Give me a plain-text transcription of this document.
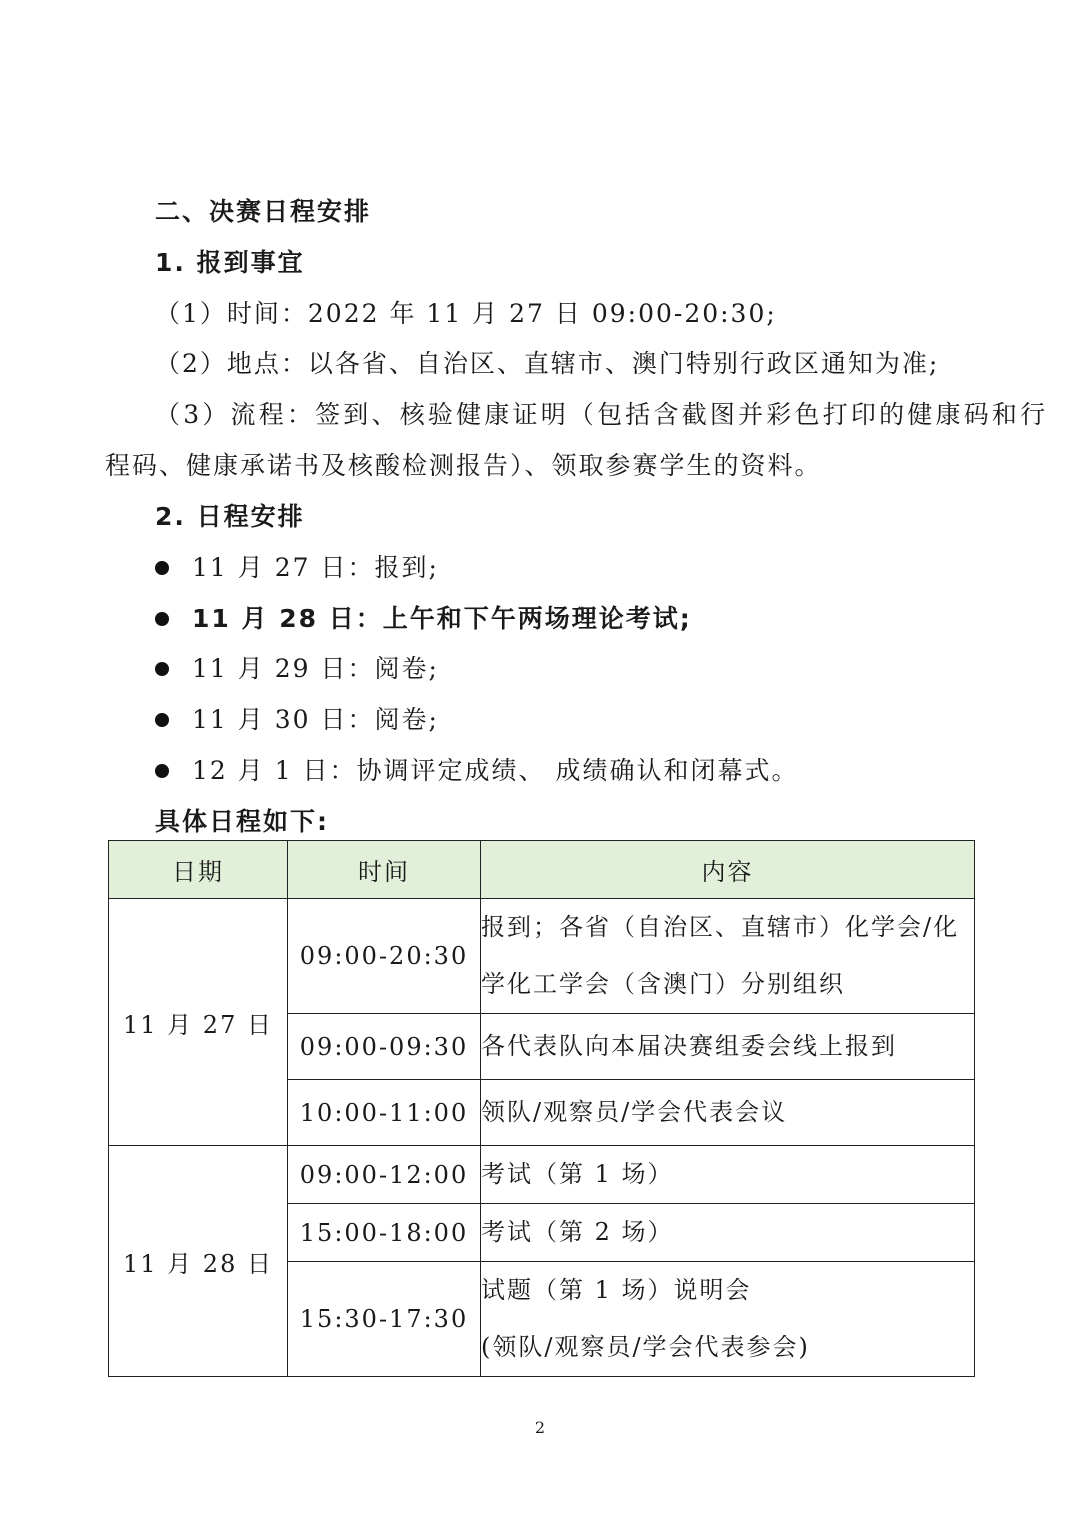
二、决赛日程安排
1. 报到事宜
（1）时间：2022 年 11 月 27 日 09:00-20:30;
（2）地点：以各省、自治区、直辖市、澳门特别行政区通知为准;
（3）流程：签到、核验健康证明（包括含截图并彩色打印的健康码和行
程码、健康承诺书及核酸检测报告）、领取参赛学生的资料。
2. 日程安排
11 月 27 日：报到;
11 月 28 日：上午和下午两场理论考试;
11 月 29 日：阅卷;
11 月 30 日：阅卷;
12 月 1 日：协调评定成绩、 成绩确认和闭幕式。
具体日程如下:
日期	时间	内容
11 月 27 日	09:00-20:30	报到；各省（自治区、直辖市）化学会/化
学化工学会（含澳门）分别组织

	09:00-09:30	各代表队向本届决赛组委会线上报到
	10:00-11:00	领队/观察员/学会代表会议
11 月 28 日	09:00-12:00	考试（第 1 场）
	15:00-18:00	考试（第 2 场）
	15:30-17:30	试题（第 1 场）说明会
(领队/观察员/学会代表参会)
2
